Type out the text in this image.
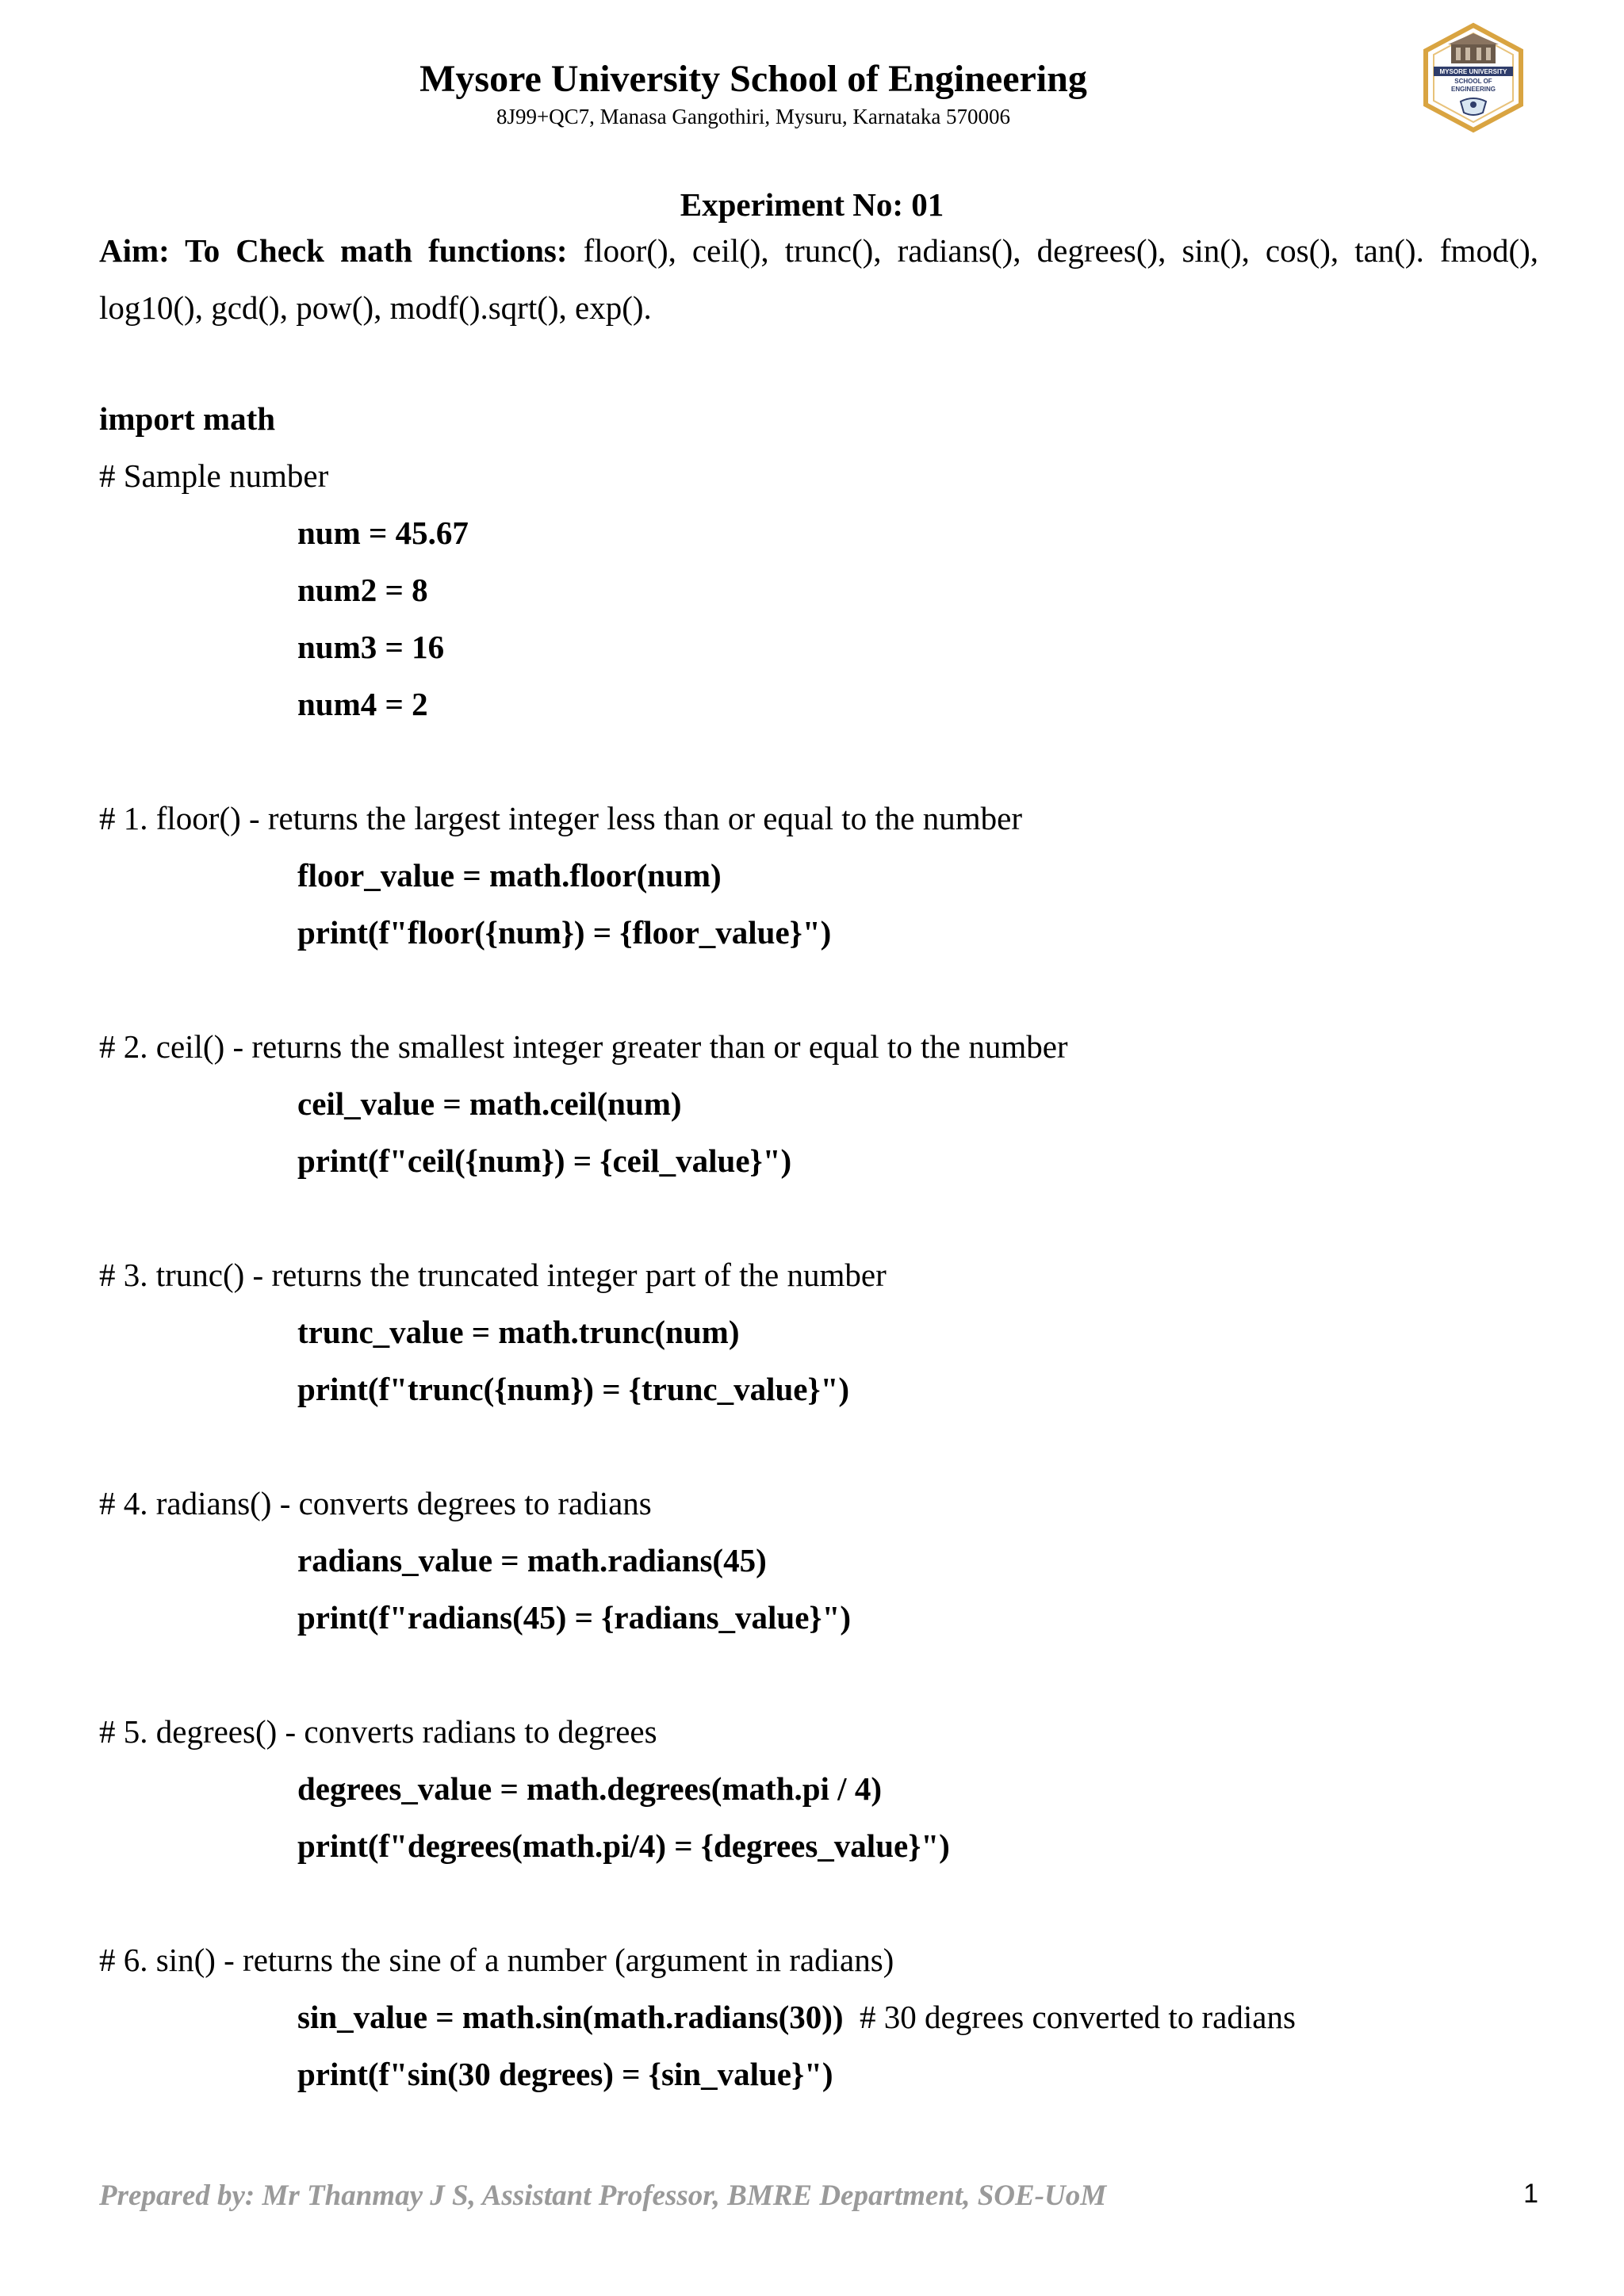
Mysore University School of Engineering
8J99+QC7, Manasa Gangothiri, Mysuru, Karnataka 570006
MYSORE UNIVERSITY
SCHOOL OF ENGINEERING
Experiment No: 01
Aim: To Check math functions: floor(), ceil(), trunc(), radians(), degrees(), sin(), cos(), tan(). fmod(), log10(), gcd(), pow(), modf().sqrt(), exp().
import math
# Sample number
num = 45.67
num2 = 8
num3 = 16
num4 = 2
# 1. floor() - returns the largest integer less than or equal to the number
floor_value = math.floor(num)
print(f"floor({num}) = {floor_value}")
# 2. ceil() - returns the smallest integer greater than or equal to the number
ceil_value = math.ceil(num)
print(f"ceil({num}) = {ceil_value}")
# 3. trunc() - returns the truncated integer part of the number
trunc_value = math.trunc(num)
print(f"trunc({num}) = {trunc_value}")
# 4. radians() - converts degrees to radians
radians_value = math.radians(45)
print(f"radians(45) = {radians_value}")
# 5. degrees() - converts radians to degrees
degrees_value = math.degrees(math.pi / 4)
print(f"degrees(math.pi/4) = {degrees_value}")
# 6. sin() - returns the sine of a number (argument in radians)
sin_value = math.sin(math.radians(30))  # 30 degrees converted to radians
print(f"sin(30 degrees) = {sin_value}")
Prepared by: Mr Thanmay J S, Assistant Professor, BMRE Department, SOE-UoM	1
